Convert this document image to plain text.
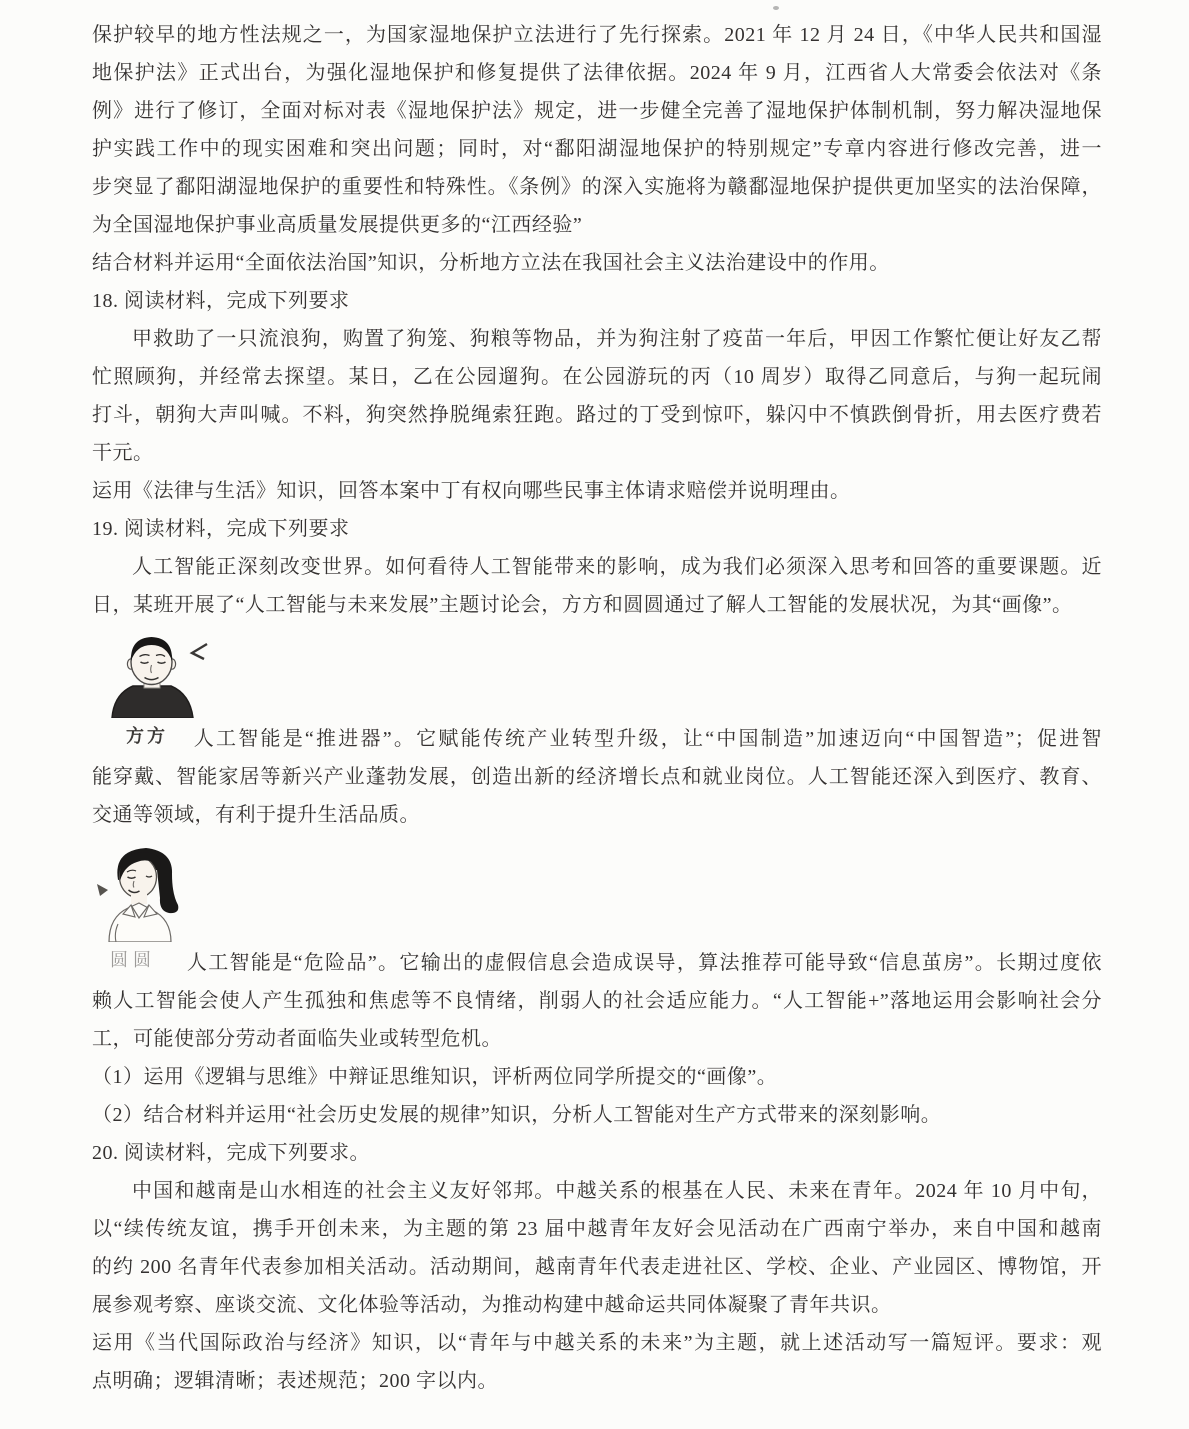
保护较早的地方性法规之一，为国家湿地保护立法进行了先行探索。2021 年 12 月 24 日，《中华人民共和国湿
地保护法》正式出台，为强化湿地保护和修复提供了法律依据。2024 年 9 月，江西省人大常委会依法对《条
例》进行了修订，全面对标对表《湿地保护法》规定，进一步健全完善了湿地保护体制机制，努力解决湿地保
护实践工作中的现实困难和突出问题；同时，对“鄱阳湖湿地保护的特别规定”专章内容进行修改完善，进一
步突显了鄱阳湖湿地保护的重要性和特殊性。《条例》的深入实施将为赣鄱湿地保护提供更加坚实的法治保障，
为全国湿地保护事业高质量发展提供更多的“江西经验”
结合材料并运用“全面依法治国”知识，分析地方立法在我国社会主义法治建设中的作用。
18. 阅读材料，完成下列要求
甲救助了一只流浪狗，购置了狗笼、狗粮等物品，并为狗注射了疫苗一年后，甲因工作繁忙便让好友乙帮
忙照顾狗，并经常去探望。某日，乙在公园遛狗。在公园游玩的丙（10 周岁）取得乙同意后，与狗一起玩闹
打斗，朝狗大声叫喊。不料，狗突然挣脱绳索狂跑。路过的丁受到惊吓，躲闪中不慎跌倒骨折，用去医疗费若
干元。
运用《法律与生活》知识，回答本案中丁有权向哪些民事主体请求赔偿并说明理由。
19. 阅读材料，完成下列要求
人工智能正深刻改变世界。如何看待人工智能带来的影响，成为我们必须深入思考和回答的重要课题。近
日，某班开展了“人工智能与未来发展”主题讨论会，方方和圆圆通过了解人工智能的发展状况，为其“画像”。
方方 人工智能是“推进器”。它赋能传统产业转型升级，让“中国制造”加速迈向“中国智造”；促进智
能穿戴、智能家居等新兴产业蓬勃发展，创造出新的经济增长点和就业岗位。人工智能还深入到医疗、教育、
交通等领域，有利于提升生活品质。
圆圆 人工智能是“危险品”。它输出的虚假信息会造成误导，算法推荐可能导致“信息茧房”。长期过度依
赖人工智能会使人产生孤独和焦虑等不良情绪，削弱人的社会适应能力。“人工智能+”落地运用会影响社会分
工，可能使部分劳动者面临失业或转型危机。
（1）运用《逻辑与思维》中辩证思维知识，评析两位同学所提交的“画像”。
（2）结合材料并运用“社会历史发展的规律”知识，分析人工智能对生产方式带来的深刻影响。
20. 阅读材料，完成下列要求。
中国和越南是山水相连的社会主义友好邻邦。中越关系的根基在人民、未来在青年。2024 年 10 月中旬，
以“续传统友谊，携手开创未来，为主题的第 23 届中越青年友好会见活动在广西南宁举办，来自中国和越南
的约 200 名青年代表参加相关活动。活动期间，越南青年代表走进社区、学校、企业、产业园区、博物馆，开
展参观考察、座谈交流、文化体验等活动，为推动构建中越命运共同体凝聚了青年共识。
运用《当代国际政治与经济》知识，以“青年与中越关系的未来”为主题，就上述活动写一篇短评。要求：观
点明确；逻辑清晰；表述规范；200 字以内。
